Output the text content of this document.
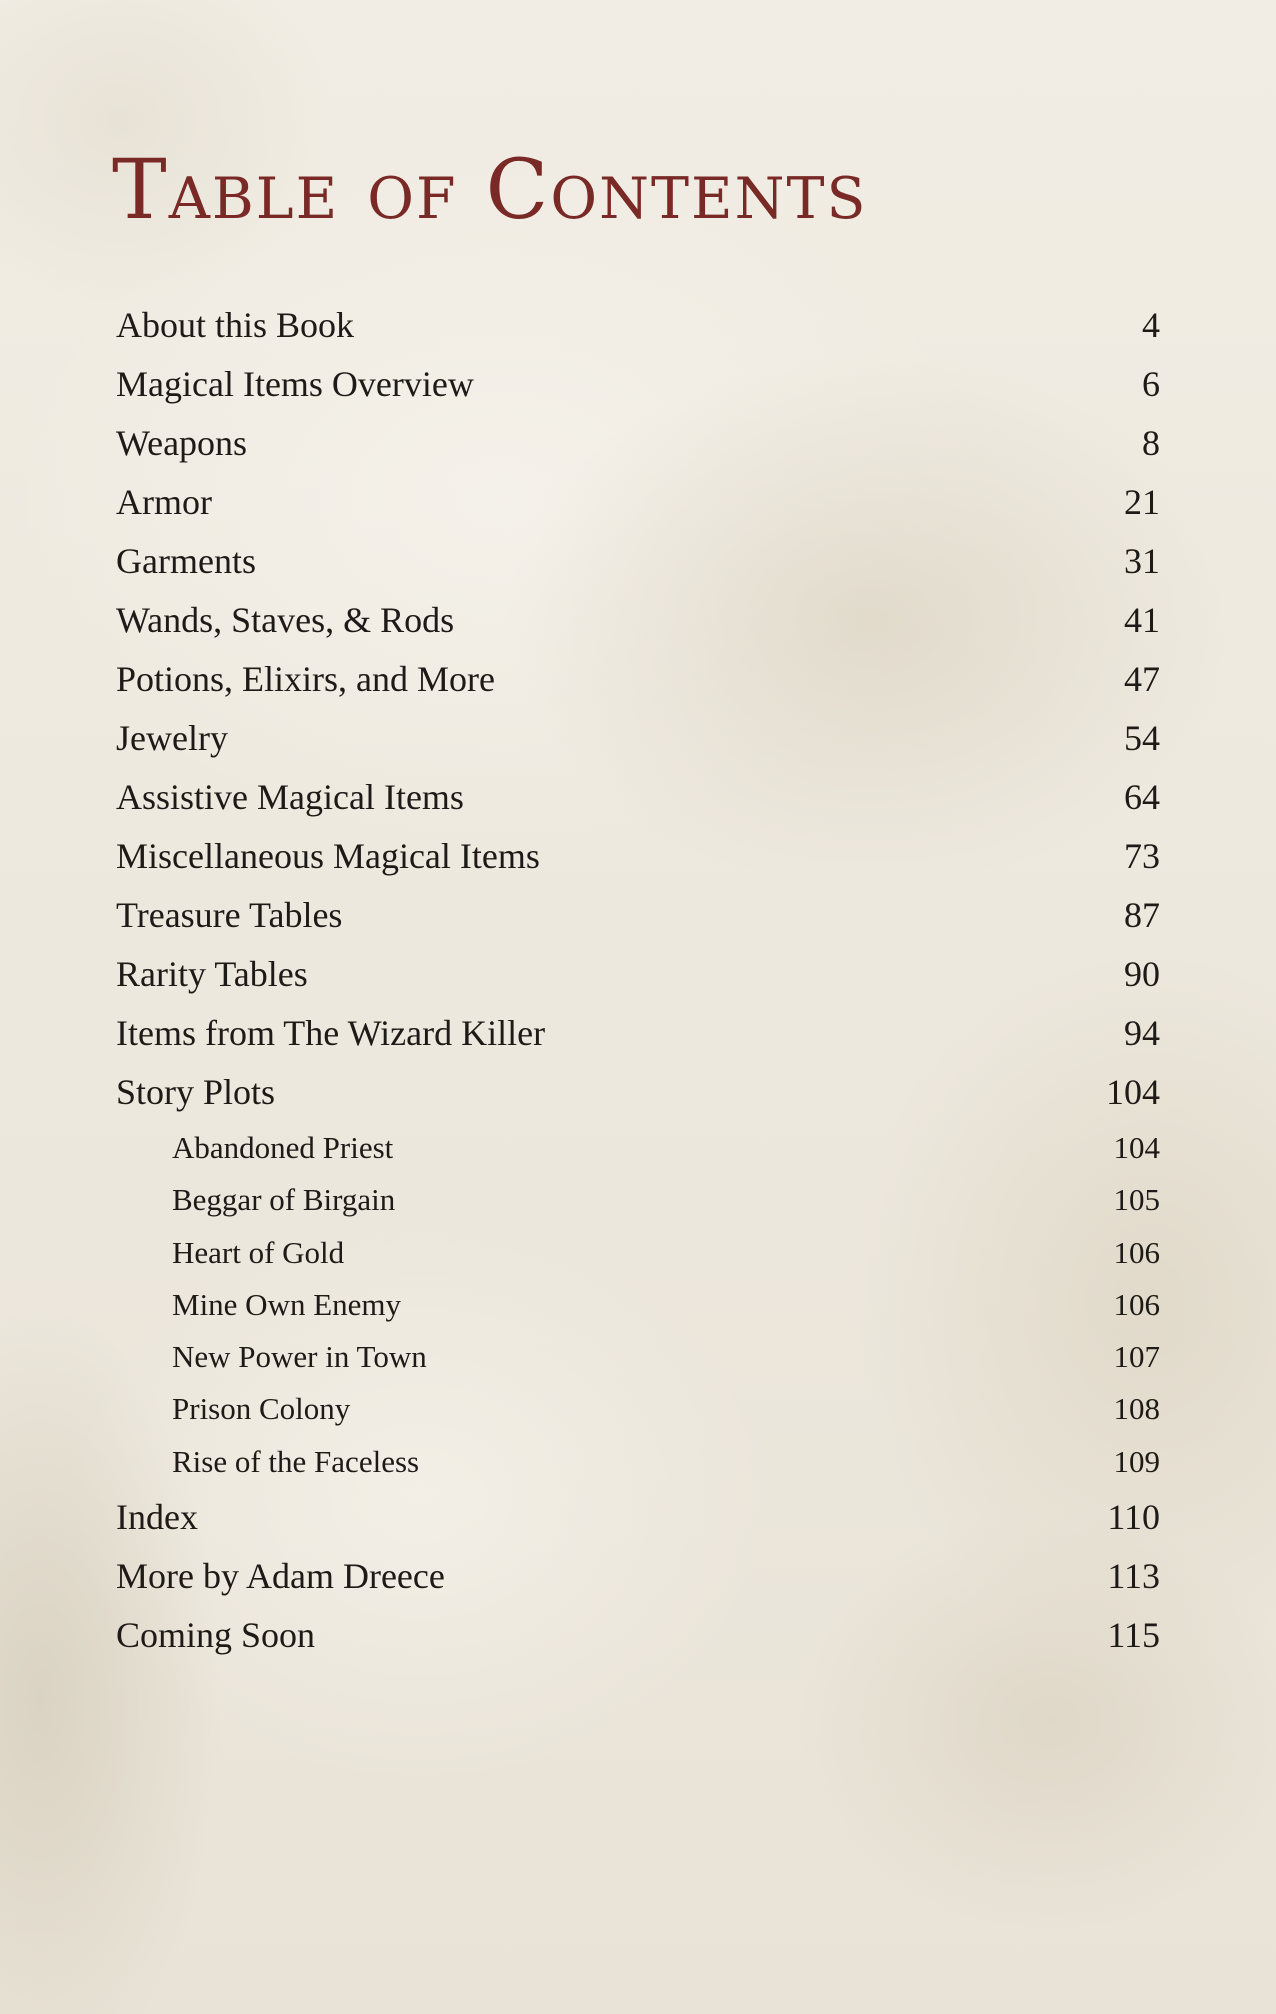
Table of Contents
About this Book	4
Magical Items Overview	6
Weapons	8
Armor	21
Garments	31
Wands, Staves, & Rods	41
Potions, Elixirs, and More	47
Jewelry	54
Assistive Magical Items	64
Miscellaneous Magical Items	73
Treasure Tables	87
Rarity Tables	90
Items from The Wizard Killer	94
Story Plots	104
Abandoned Priest	104
Beggar of Birgain	105
Heart of Gold	106
Mine Own Enemy	106
New Power in Town	107
Prison Colony	108
Rise of the Faceless	109
Index	110
More by Adam Dreece	113
Coming Soon	115
